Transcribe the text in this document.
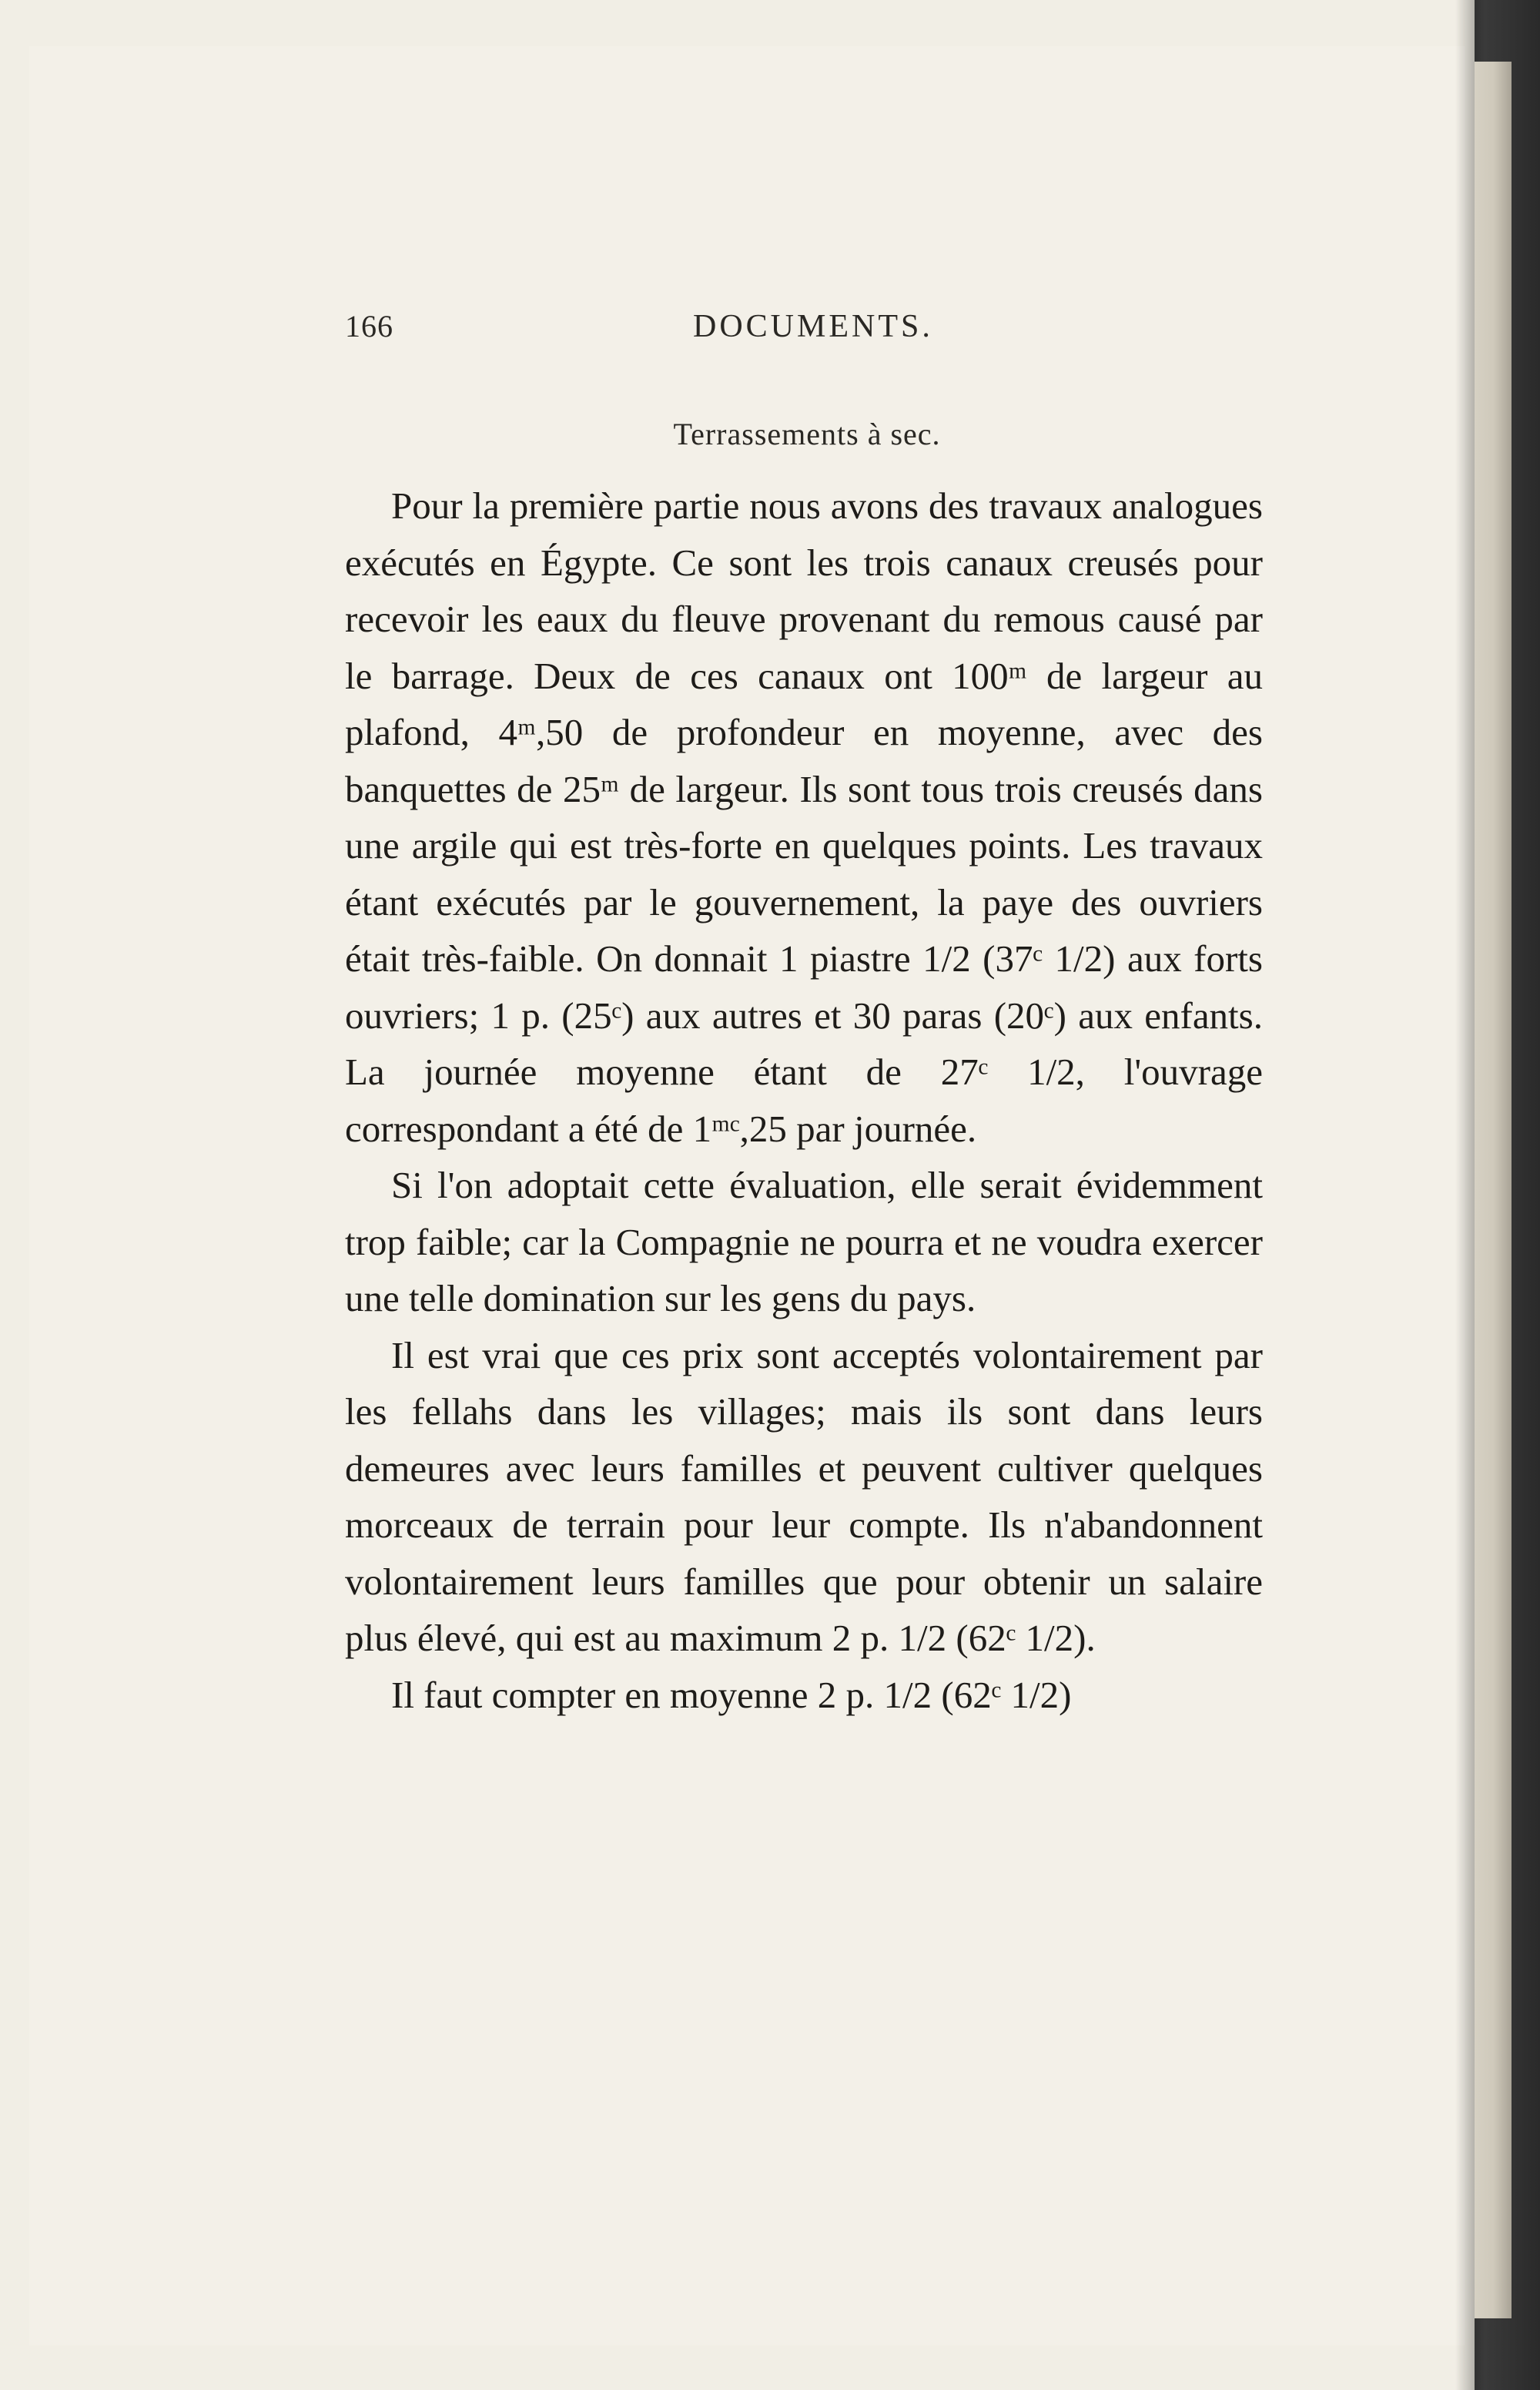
166	DOCUMENTS.
Terrassements à sec.

Pour la première partie nous avons des travaux analogues exécutés en Égypte. Ce sont les trois canaux creusés pour recevoir les eaux du fleuve provenant du remous causé par le barrage. Deux de ces canaux ont 100ᵐ de largeur au plafond, 4ᵐ,50 de profondeur en moyenne, avec des banquettes de 25ᵐ de largeur. Ils sont tous trois creusés dans une argile qui est très-forte en quelques points. Les travaux étant exécutés par le gouvernement, la paye des ouvriers était très-faible. On donnait 1 piastre 1/2 (37ᶜ 1/2) aux forts ouvriers; 1 p. (25ᶜ) aux autres et 30 paras (20ᶜ) aux enfants. La journée moyenne étant de 27ᶜ 1/2, l'ouvrage correspondant a été de 1ᵐᶜ,25 par journée.

Si l'on adoptait cette évaluation, elle serait évidemment trop faible; car la Compagnie ne pourra et ne voudra exercer une telle domination sur les gens du pays.

Il est vrai que ces prix sont acceptés volontairement par les fellahs dans les villages; mais ils sont dans leurs demeures avec leurs familles et peuvent cultiver quelques morceaux de terrain pour leur compte. Ils n'abandonnent volontairement leurs familles que pour obtenir un salaire plus élevé, qui est au maximum 2 p. 1/2 (62ᶜ 1/2).

Il faut compter en moyenne 2 p. 1/2 (62ᶜ 1/2)
